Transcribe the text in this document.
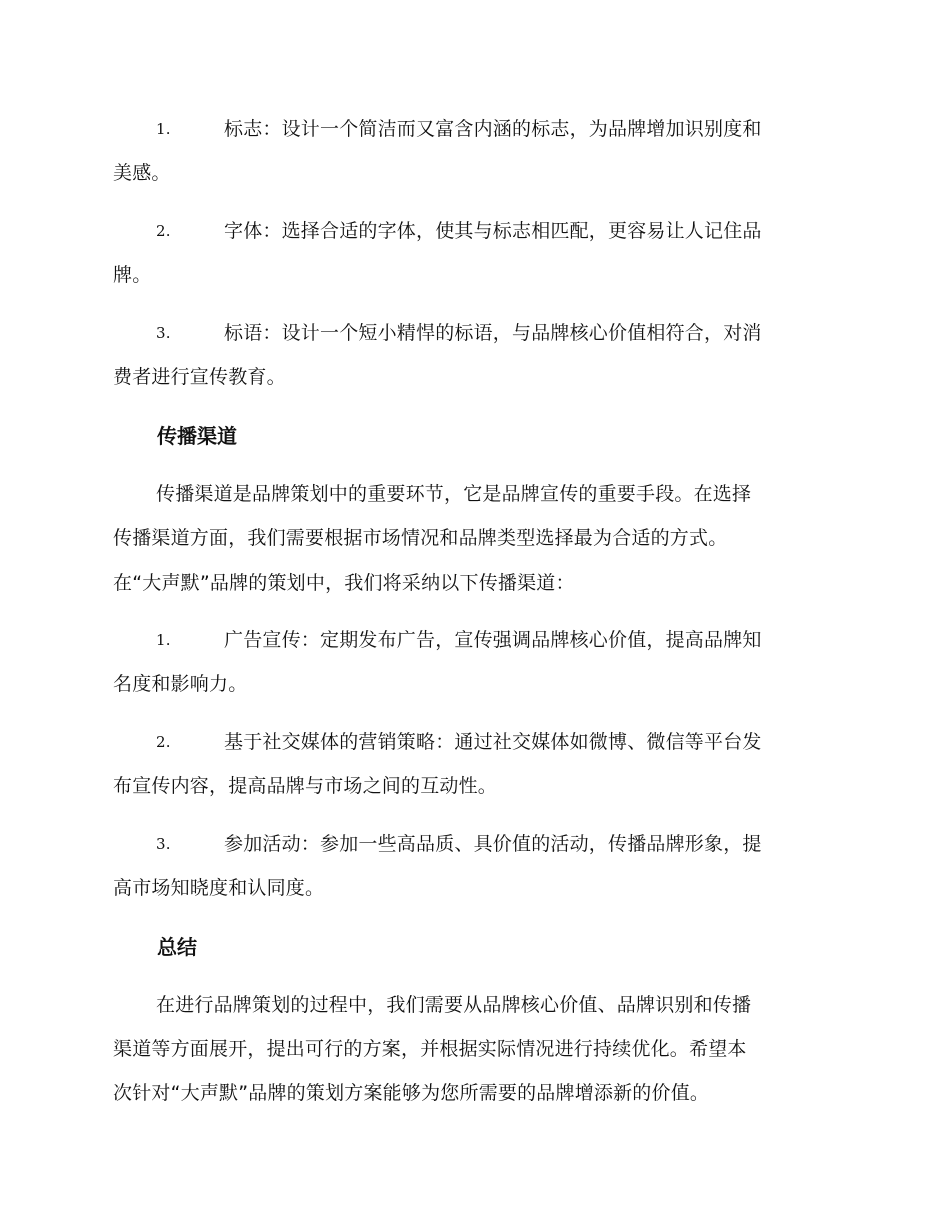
1.	标志：设计一个简洁而又富含内涵的标志，为品牌增加识别度和
美感。
2.	字体：选择合适的字体，使其与标志相匹配，更容易让人记住品
牌。
3.	标语：设计一个短小精悍的标语，与品牌核心价值相符合，对消
费者进行宣传教育。
传播渠道
传播渠道是品牌策划中的重要环节，它是品牌宣传的重要手段。在选择
传播渠道方面，我们需要根据市场情况和品牌类型选择最为合适的方式。
在“大声默”品牌的策划中，我们将采纳以下传播渠道：
1.	广告宣传：定期发布广告，宣传强调品牌核心价值，提高品牌知
名度和影响力。
2.	基于社交媒体的营销策略：通过社交媒体如微博、微信等平台发
布宣传内容，提高品牌与市场之间的互动性。
3.	参加活动：参加一些高品质、具价值的活动，传播品牌形象，提
高市场知晓度和认同度。
总结
在进行品牌策划的过程中，我们需要从品牌核心价值、品牌识别和传播
渠道等方面展开，提出可行的方案，并根据实际情况进行持续优化。希望本
次针对“大声默”品牌的策划方案能够为您所需要的品牌增添新的价值。
